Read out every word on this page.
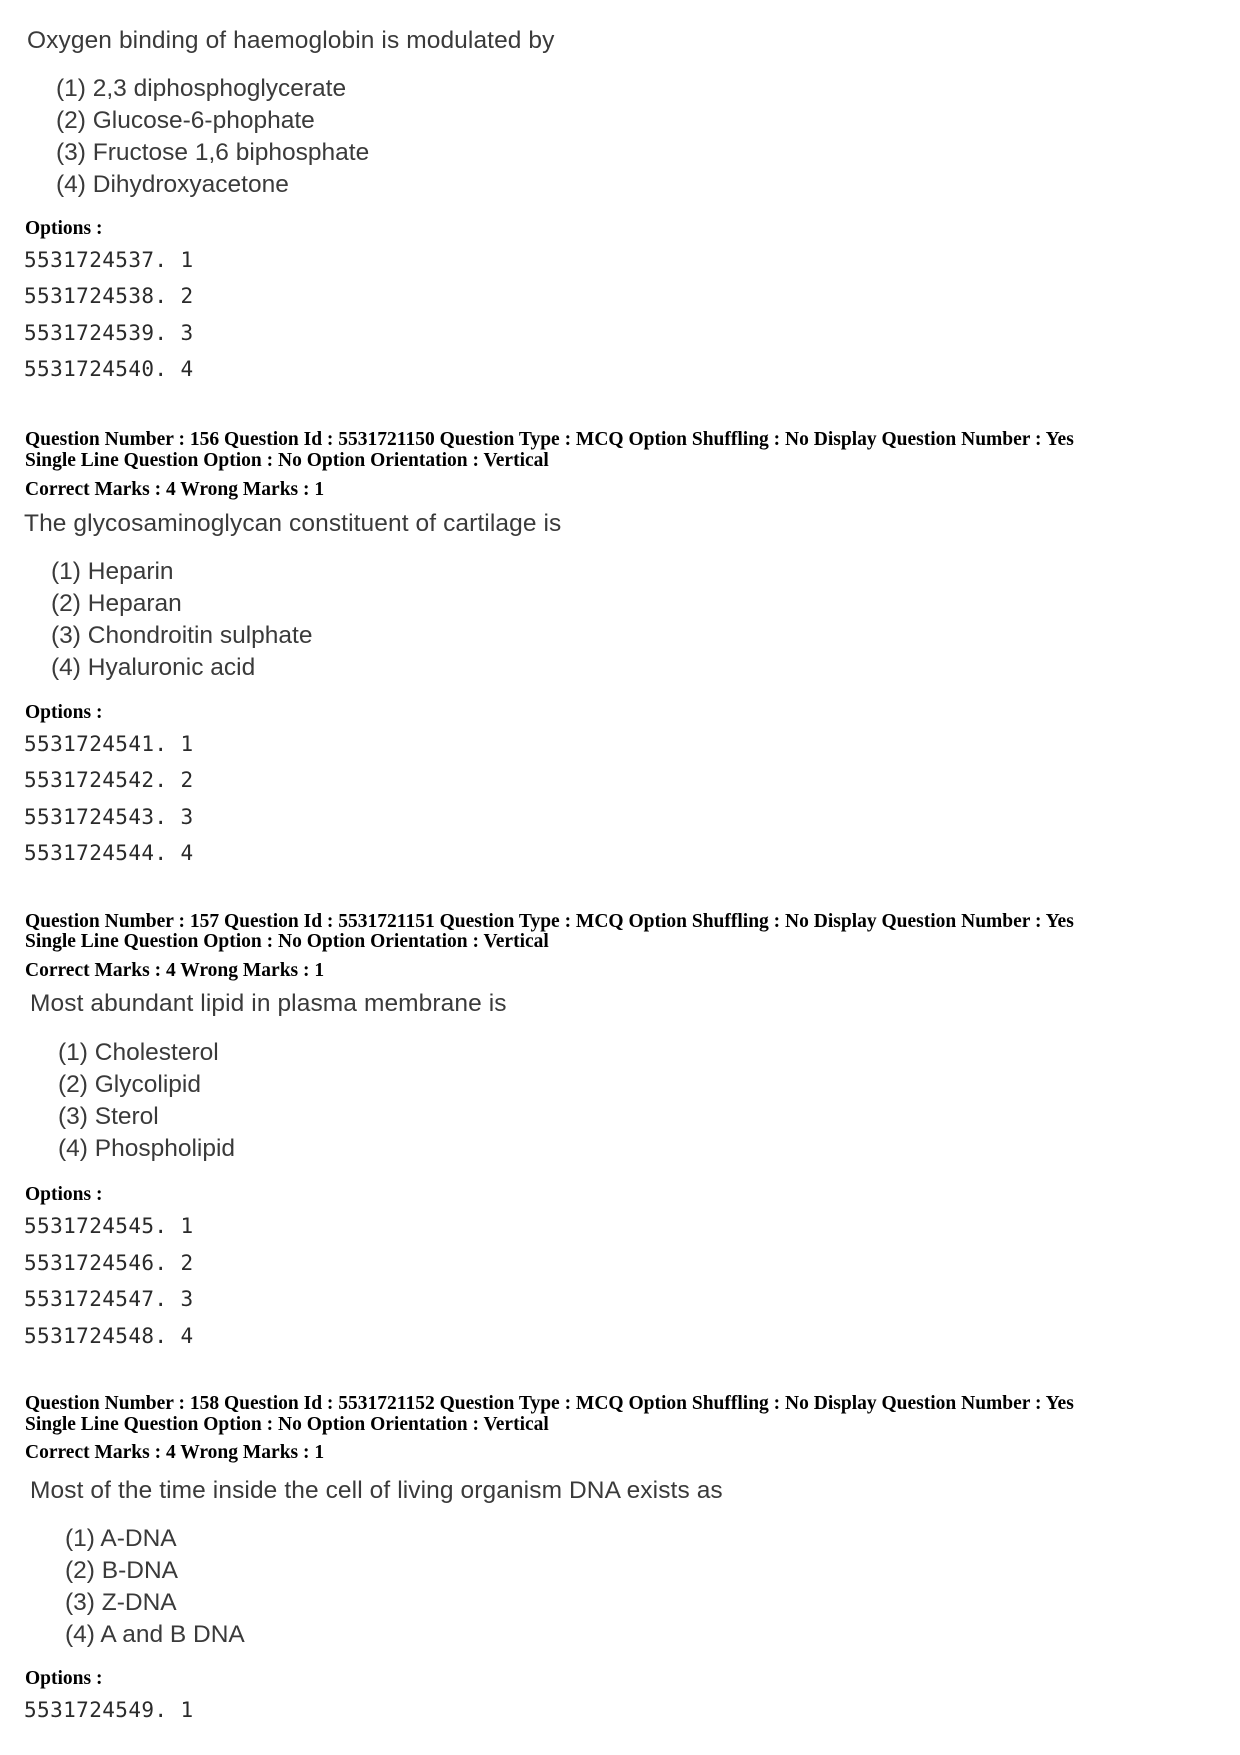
Oxygen binding of haemoglobin is modulated by
(1) 2,3 diphosphoglycerate
(2) Glucose-6-phophate
(3) Fructose 1,6 biphosphate
(4) Dihydroxyacetone
Options :
5531724537. 1
5531724538. 2
5531724539. 3
5531724540. 4
Question Number : 156 Question Id : 5531721150 Question Type : MCQ Option Shuffling : No Display Question Number : Yes
Single Line Question Option : No Option Orientation : Vertical
Correct Marks : 4 Wrong Marks : 1
The glycosaminoglycan constituent of cartilage is
(1) Heparin
(2) Heparan
(3) Chondroitin sulphate
(4) Hyaluronic acid
Options :
5531724541. 1
5531724542. 2
5531724543. 3
5531724544. 4
Question Number : 157 Question Id : 5531721151 Question Type : MCQ Option Shuffling : No Display Question Number : Yes
Single Line Question Option : No Option Orientation : Vertical
Correct Marks : 4 Wrong Marks : 1
Most abundant lipid in plasma membrane is
(1) Cholesterol
(2) Glycolipid
(3) Sterol
(4) Phospholipid
Options :
5531724545. 1
5531724546. 2
5531724547. 3
5531724548. 4
Question Number : 158 Question Id : 5531721152 Question Type : MCQ Option Shuffling : No Display Question Number : Yes
Single Line Question Option : No Option Orientation : Vertical
Correct Marks : 4 Wrong Marks : 1
Most of the time inside the cell of living organism DNA exists as
(1) A-DNA
(2) B-DNA
(3) Z-DNA
(4) A and B DNA
Options :
5531724549. 1
